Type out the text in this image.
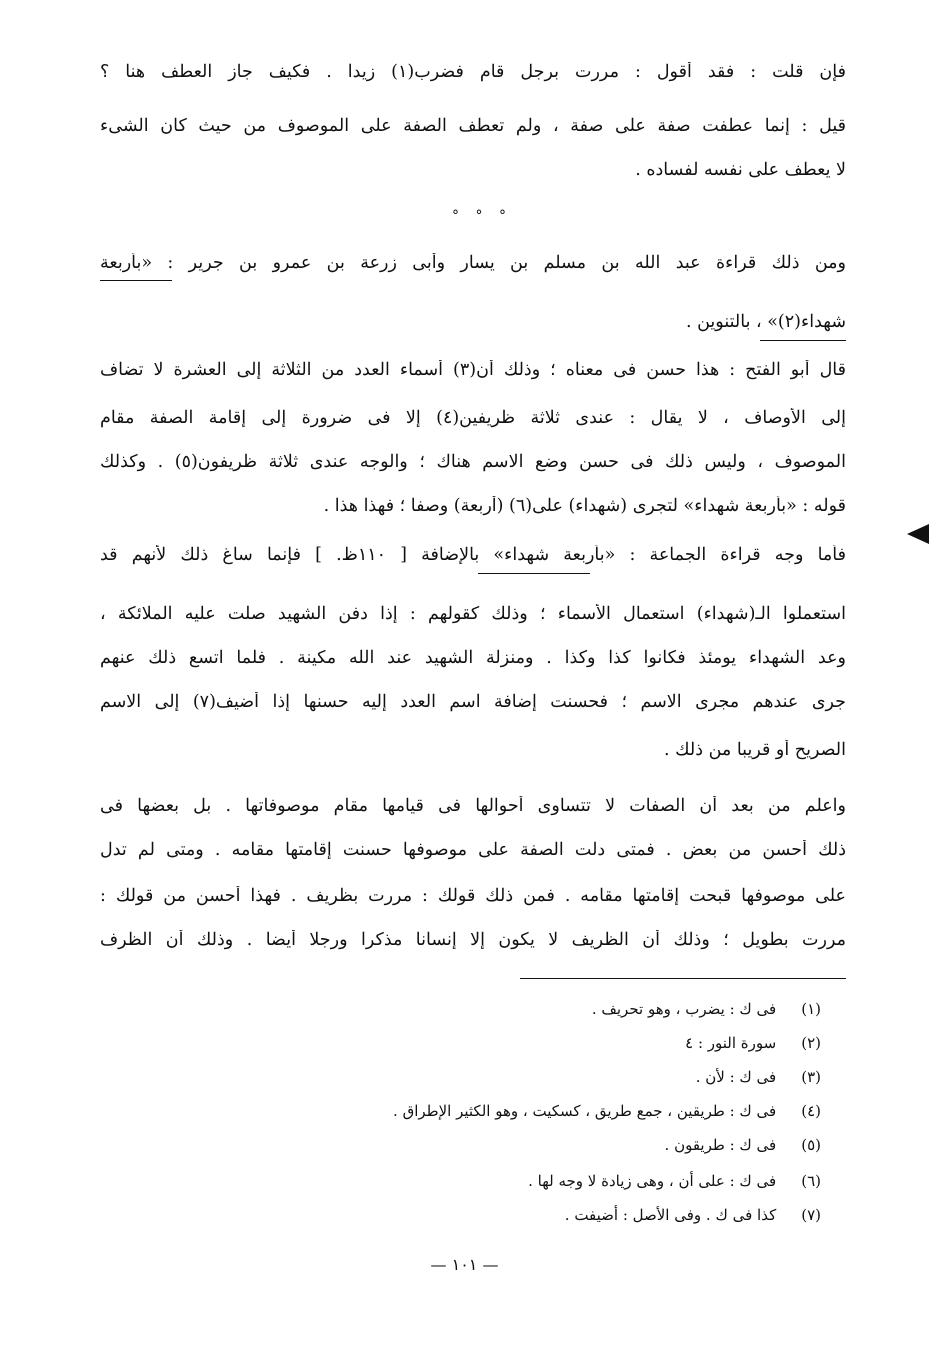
فإن قلت : فقد أقول : مررت برجل قام فضرب(١) زيدا . فكيف جاز العطف هنا ؟
قيل : إنما عطفت صفة على صفة ، ولم تعطف الصفة على الموصوف من حيث كان الشىء
لا يعطف على نفسه لفساده .
° ° °
ومن ذلك قراءة عبد الله بن مسلم بن يسار وأبى زرعة بن عمرو بن جرير : «بأربعة
شهداء(٢)» ، بالتنوين .
قال أبو الفتح : هذا حسن فى معناه ؛ وذلك أن(٣) أسماء العدد من الثلاثة إلى العشرة لا تضاف
إلى الأوصاف ، لا يقال : عندى ثلاثة ظريفين(٤) إلا فى ضرورة إلى إقامة الصفة مقام
الموصوف ، وليس ذلك فى حسن وضع الاسم هناك ؛ والوجه عندى ثلاثة ظريفون(٥) . وكذلك
قوله : «بأربعة شهداء» لتجرى (شهداء) على(٦) (أربعة) وصفا ؛ فهذا هذا .
فأما وجه قراءة الجماعة : «بأربعة شهداء» بالإضافة [ ١١٠ظ. ] فإنما ساغ ذلك لأنهم قد
استعملوا الـ(شهداء) استعمال الأسماء ؛ وذلك كقولهم : إذا دفن الشهيد صلت عليه الملائكة ،
وعد الشهداء يومئذ فكانوا كذا وكذا . ومنزلة الشهيد عند الله مكينة . فلما اتسع ذلك عنهم
جرى عندهم مجرى الاسم ؛ فحسنت إضافة اسم العدد إليه حسنها إذا أضيف(٧) إلى الاسم
الصريح أو قريبا من ذلك .
واعلم من بعد أن الصفات لا تتساوى أحوالها فى قيامها مقام موصوفاتها . بل بعضها فى
ذلك أحسن من بعض . فمتى دلت الصفة على موصوفها حسنت إقامتها مقامه . ومتى لم تدل
على موصوفها قبحت إقامتها مقامه . فمن ذلك قولك : مررت بظريف . فهذا أحسن من قولك :
مررت بطويل ؛ وذلك أن الظريف لا يكون إلا إنسانا مذكرا ورجلا أيضا . وذلك أن الظرف
(١) فى ك : يضرب ، وهو تحريف .
(٢) سورة النور : ٤
(٣) فى ك : لأن .
(٤) فى ك : طريقين ، جمع طريق ، كسكيت ، وهو الكثير الإطراق .
(٥) فى ك : طريقون .
(٦) فى ك : على أن ، وهى زيادة لا وجه لها .
(٧) كذا فى ك . وفى الأصل : أضيفت .
— ١٠١ —
